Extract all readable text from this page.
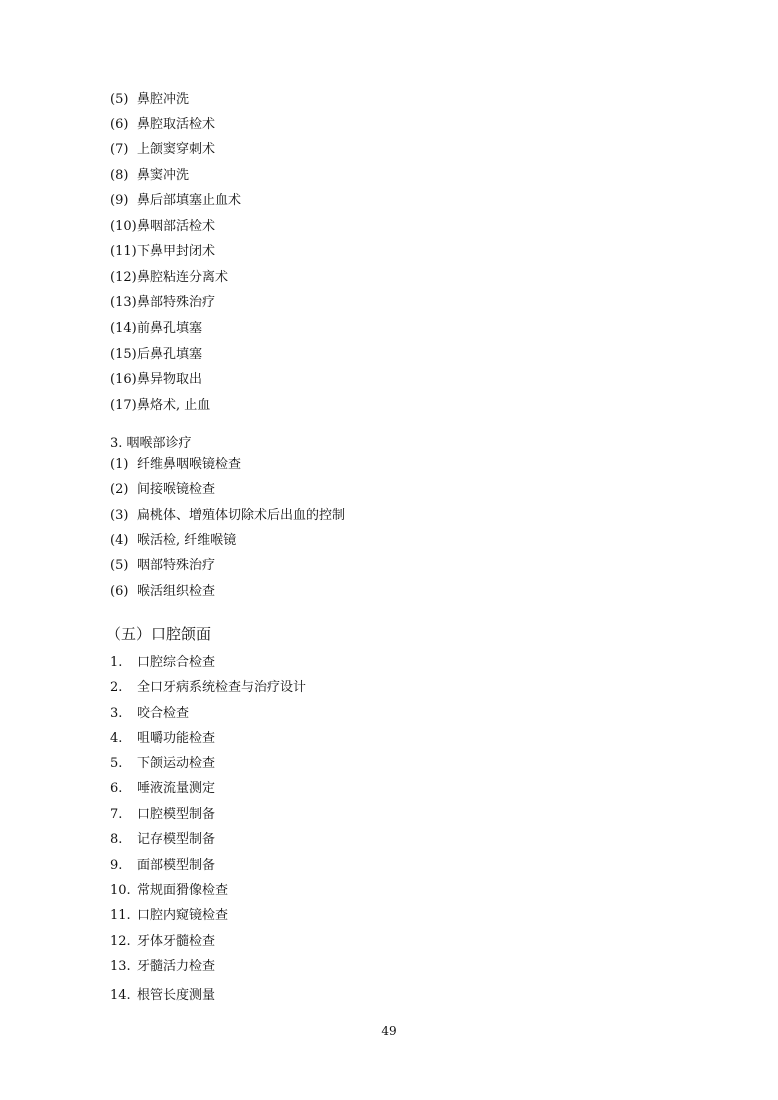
(5) 鼻腔冲洗
(6) 鼻腔取活检术
(7) 上颌窦穿刺术
(8) 鼻窦冲洗
(9) 鼻后部填塞止血术
(10)鼻咽部活检术
(11)下鼻甲封闭术
(12)鼻腔粘连分离术
(13)鼻部特殊治疗
(14)前鼻孔填塞
(15)后鼻孔填塞
(16)鼻异物取出
(17)鼻烙术, 止血
3. 咽喉部诊疗
(1) 纤维鼻咽喉镜检查
(2) 间接喉镜检查
(3) 扁桃体、增殖体切除术后出血的控制
(4) 喉活检, 纤维喉镜
(5) 咽部特殊治疗
(6) 喉活组织检查
（五）口腔颌面
1. 口腔综合检查
2. 全口牙病系统检查与治疗设计
3. 咬合检查
4. 咀嚼功能检查
5. 下颌运动检查
6. 唾液流量测定
7. 口腔模型制备
8. 记存模型制备
9. 面部模型制备
10. 常规面猾像检查
11. 口腔内窥镜检查
12. 牙体牙髓检查
13. 牙髓活力检查
14. 根管长度测量
49
